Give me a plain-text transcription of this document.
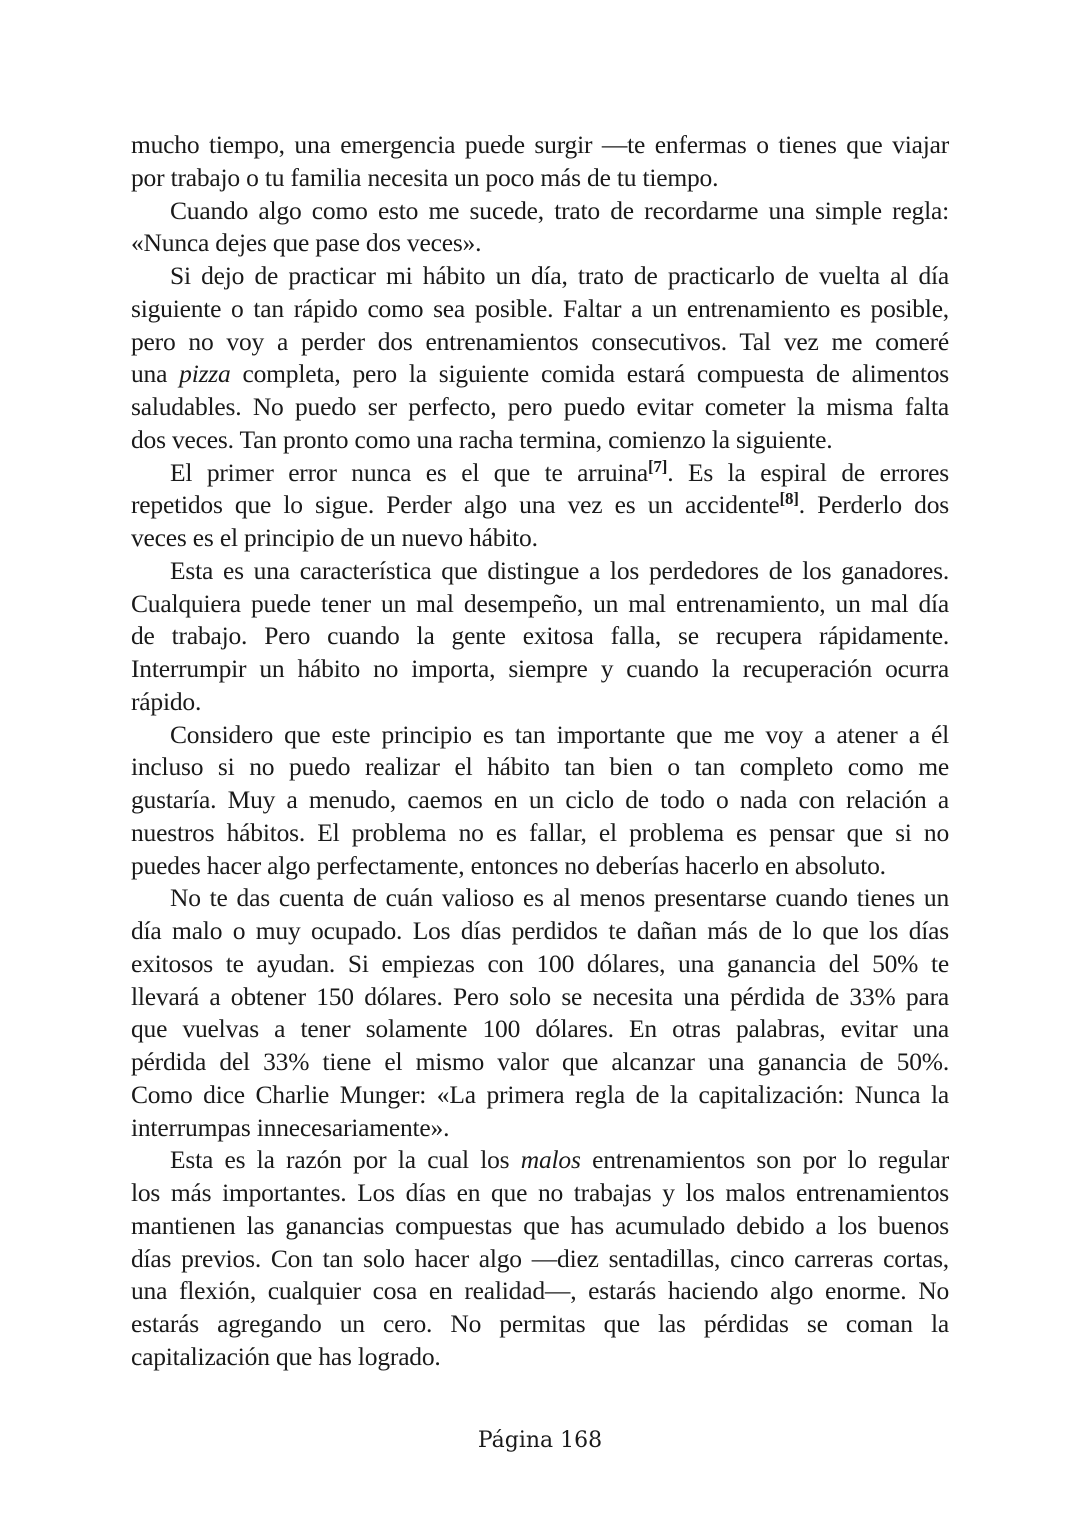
mucho tiempo, una emergencia puede surgir —te enfermas o tienes que viajar
por trabajo o tu familia necesita un poco más de tu tiempo.
Cuando algo como esto me sucede, trato de recordarme una simple regla:
«Nunca dejes que pase dos veces».
Si dejo de practicar mi hábito un día, trato de practicarlo de vuelta al día
siguiente o tan rápido como sea posible. Faltar a un entrenamiento es posible,
pero no voy a perder dos entrenamientos consecutivos. Tal vez me comeré
una pizza completa, pero la siguiente comida estará compuesta de alimentos
saludables. No puedo ser perfecto, pero puedo evitar cometer la misma falta
dos veces. Tan pronto como una racha termina, comienzo la siguiente.
El primer error nunca es el que te arruina[7]. Es la espiral de errores
repetidos que lo sigue. Perder algo una vez es un accidente[8]. Perderlo dos
veces es el principio de un nuevo hábito.
Esta es una característica que distingue a los perdedores de los ganadores.
Cualquiera puede tener un mal desempeño, un mal entrenamiento, un mal día
de trabajo. Pero cuando la gente exitosa falla, se recupera rápidamente.
Interrumpir un hábito no importa, siempre y cuando la recuperación ocurra
rápido.
Considero que este principio es tan importante que me voy a atener a él
incluso si no puedo realizar el hábito tan bien o tan completo como me
gustaría. Muy a menudo, caemos en un ciclo de todo o nada con relación a
nuestros hábitos. El problema no es fallar, el problema es pensar que si no
puedes hacer algo perfectamente, entonces no deberías hacerlo en absoluto.
No te das cuenta de cuán valioso es al menos presentarse cuando tienes un
día malo o muy ocupado. Los días perdidos te dañan más de lo que los días
exitosos te ayudan. Si empiezas con 100 dólares, una ganancia del 50% te
llevará a obtener 150 dólares. Pero solo se necesita una pérdida de 33% para
que vuelvas a tener solamente 100 dólares. En otras palabras, evitar una
pérdida del 33% tiene el mismo valor que alcanzar una ganancia de 50%.
Como dice Charlie Munger: «La primera regla de la capitalización: Nunca la
interrumpas innecesariamente».
Esta es la razón por la cual los malos entrenamientos son por lo regular
los más importantes. Los días en que no trabajas y los malos entrenamientos
mantienen las ganancias compuestas que has acumulado debido a los buenos
días previos. Con tan solo hacer algo —diez sentadillas, cinco carreras cortas,
una flexión, cualquier cosa en realidad—, estarás haciendo algo enorme. No
estarás agregando un cero. No permitas que las pérdidas se coman la
capitalización que has logrado.
Página 168
